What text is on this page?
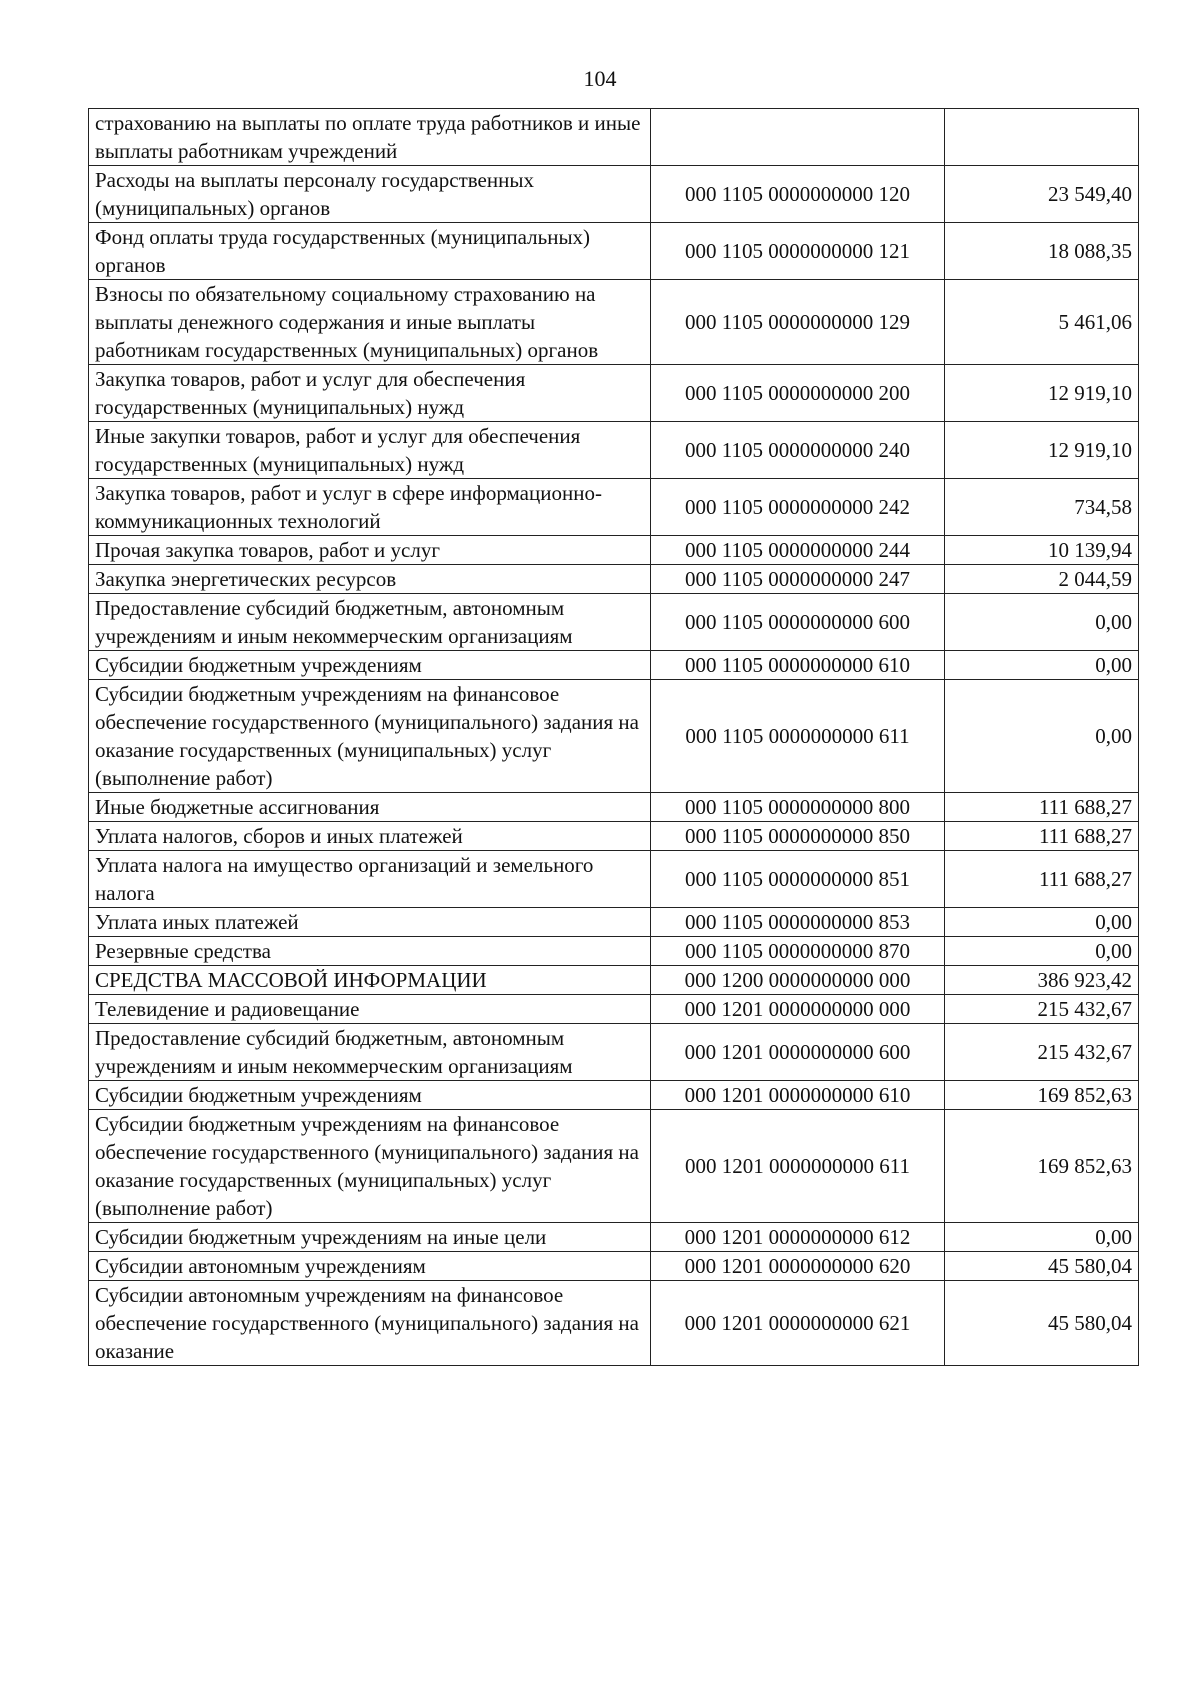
104
страхованию на выплаты по оплате труда работников и иные выплаты работникам учреждений		
Расходы на выплаты персоналу государственных (муниципальных) органов	000 1105 0000000000 120	23 549,40
Фонд оплаты труда государственных (муниципальных) органов	000 1105 0000000000 121	18 088,35
Взносы по обязательному социальному страхованию на выплаты денежного содержания и иные выплаты работникам государственных (муниципальных) органов	000 1105 0000000000 129	5 461,06
Закупка товаров, работ и услуг для обеспечения государственных (муниципальных) нужд	000 1105 0000000000 200	12 919,10
Иные закупки товаров, работ и услуг для обеспечения государственных (муниципальных) нужд	000 1105 0000000000 240	12 919,10
Закупка товаров, работ и услуг в сфере информационно-коммуникационных технологий	000 1105 0000000000 242	734,58
Прочая закупка товаров, работ и услуг	000 1105 0000000000 244	10 139,94
Закупка энергетических ресурсов	000 1105 0000000000 247	2 044,59
Предоставление субсидий бюджетным, автономным учреждениям и иным некоммерческим организациям	000 1105 0000000000 600	0,00
Субсидии бюджетным учреждениям	000 1105 0000000000 610	0,00
Субсидии бюджетным учреждениям на финансовое обеспечение государственного (муниципального) задания на оказание государственных (муниципальных) услуг (выполнение работ)	000 1105 0000000000 611	0,00
Иные бюджетные ассигнования	000 1105 0000000000 800	111 688,27
Уплата налогов, сборов и иных платежей	000 1105 0000000000 850	111 688,27
Уплата налога на имущество организаций и земельного налога	000 1105 0000000000 851	111 688,27
Уплата иных платежей	000 1105 0000000000 853	0,00
Резервные средства	000 1105 0000000000 870	0,00
СРЕДСТВА МАССОВОЙ ИНФОРМАЦИИ	000 1200 0000000000 000	386 923,42
Телевидение и радиовещание	000 1201 0000000000 000	215 432,67
Предоставление субсидий бюджетным, автономным учреждениям и иным некоммерческим организациям	000 1201 0000000000 600	215 432,67
Субсидии бюджетным учреждениям	000 1201 0000000000 610	169 852,63
Субсидии бюджетным учреждениям на финансовое обеспечение государственного (муниципального) задания на оказание государственных (муниципальных) услуг (выполнение работ)	000 1201 0000000000 611	169 852,63
Субсидии бюджетным учреждениям на иные цели	000 1201 0000000000 612	0,00
Субсидии автономным учреждениям	000 1201 0000000000 620	45 580,04
Субсидии автономным учреждениям на финансовое обеспечение государственного (муниципального) задания на оказание	000 1201 0000000000 621	45 580,04
